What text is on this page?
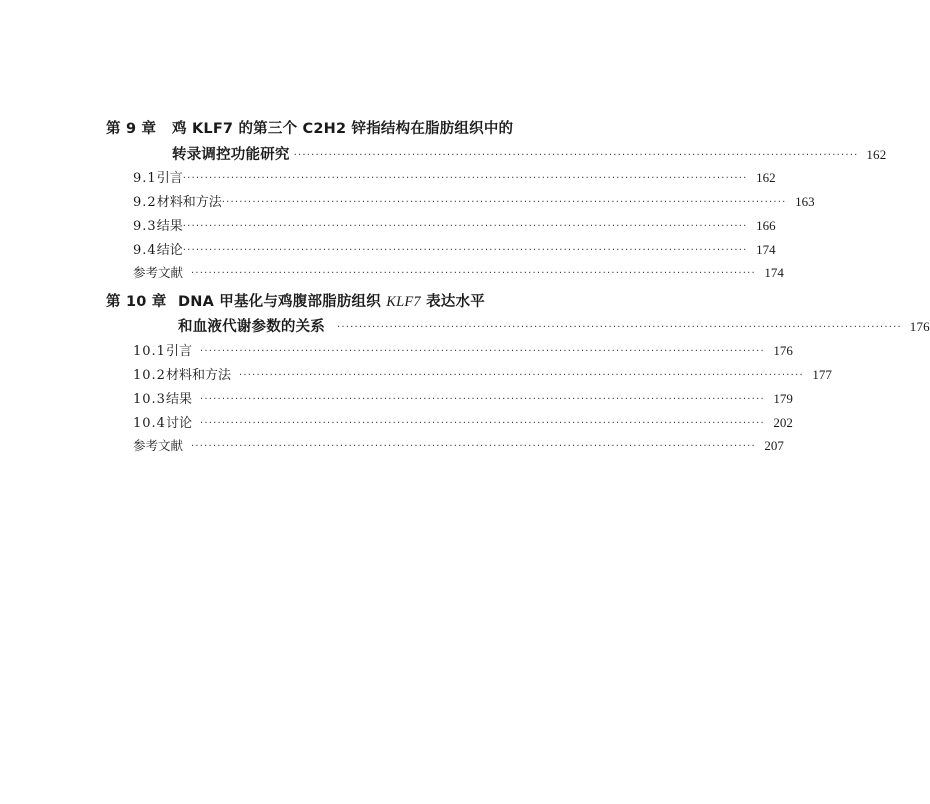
第 9 章	鸡 KLF7 的第三个 C2H2 锌指结构在脂肪组织中的
转录调控功能研究 ································································································································· 162
9.1 引言 ································································································································· 162
9.2 材料和方法 ································································································································· 163
9.3 结果 ································································································································· 166
9.4 结论 ································································································································· 174
参考文献 ································································································································· 174
第 10 章 DNA 甲基化与鸡腹部脂肪组织 KLF7 表达水平
和血液代谢参数的关系 ································································································································· 176
10.1 引言 ································································································································· 176
10.2 材料和方法 ································································································································· 177
10.3 结果 ································································································································· 179
10.4 讨论 ································································································································· 202
参考文献 ································································································································· 207
